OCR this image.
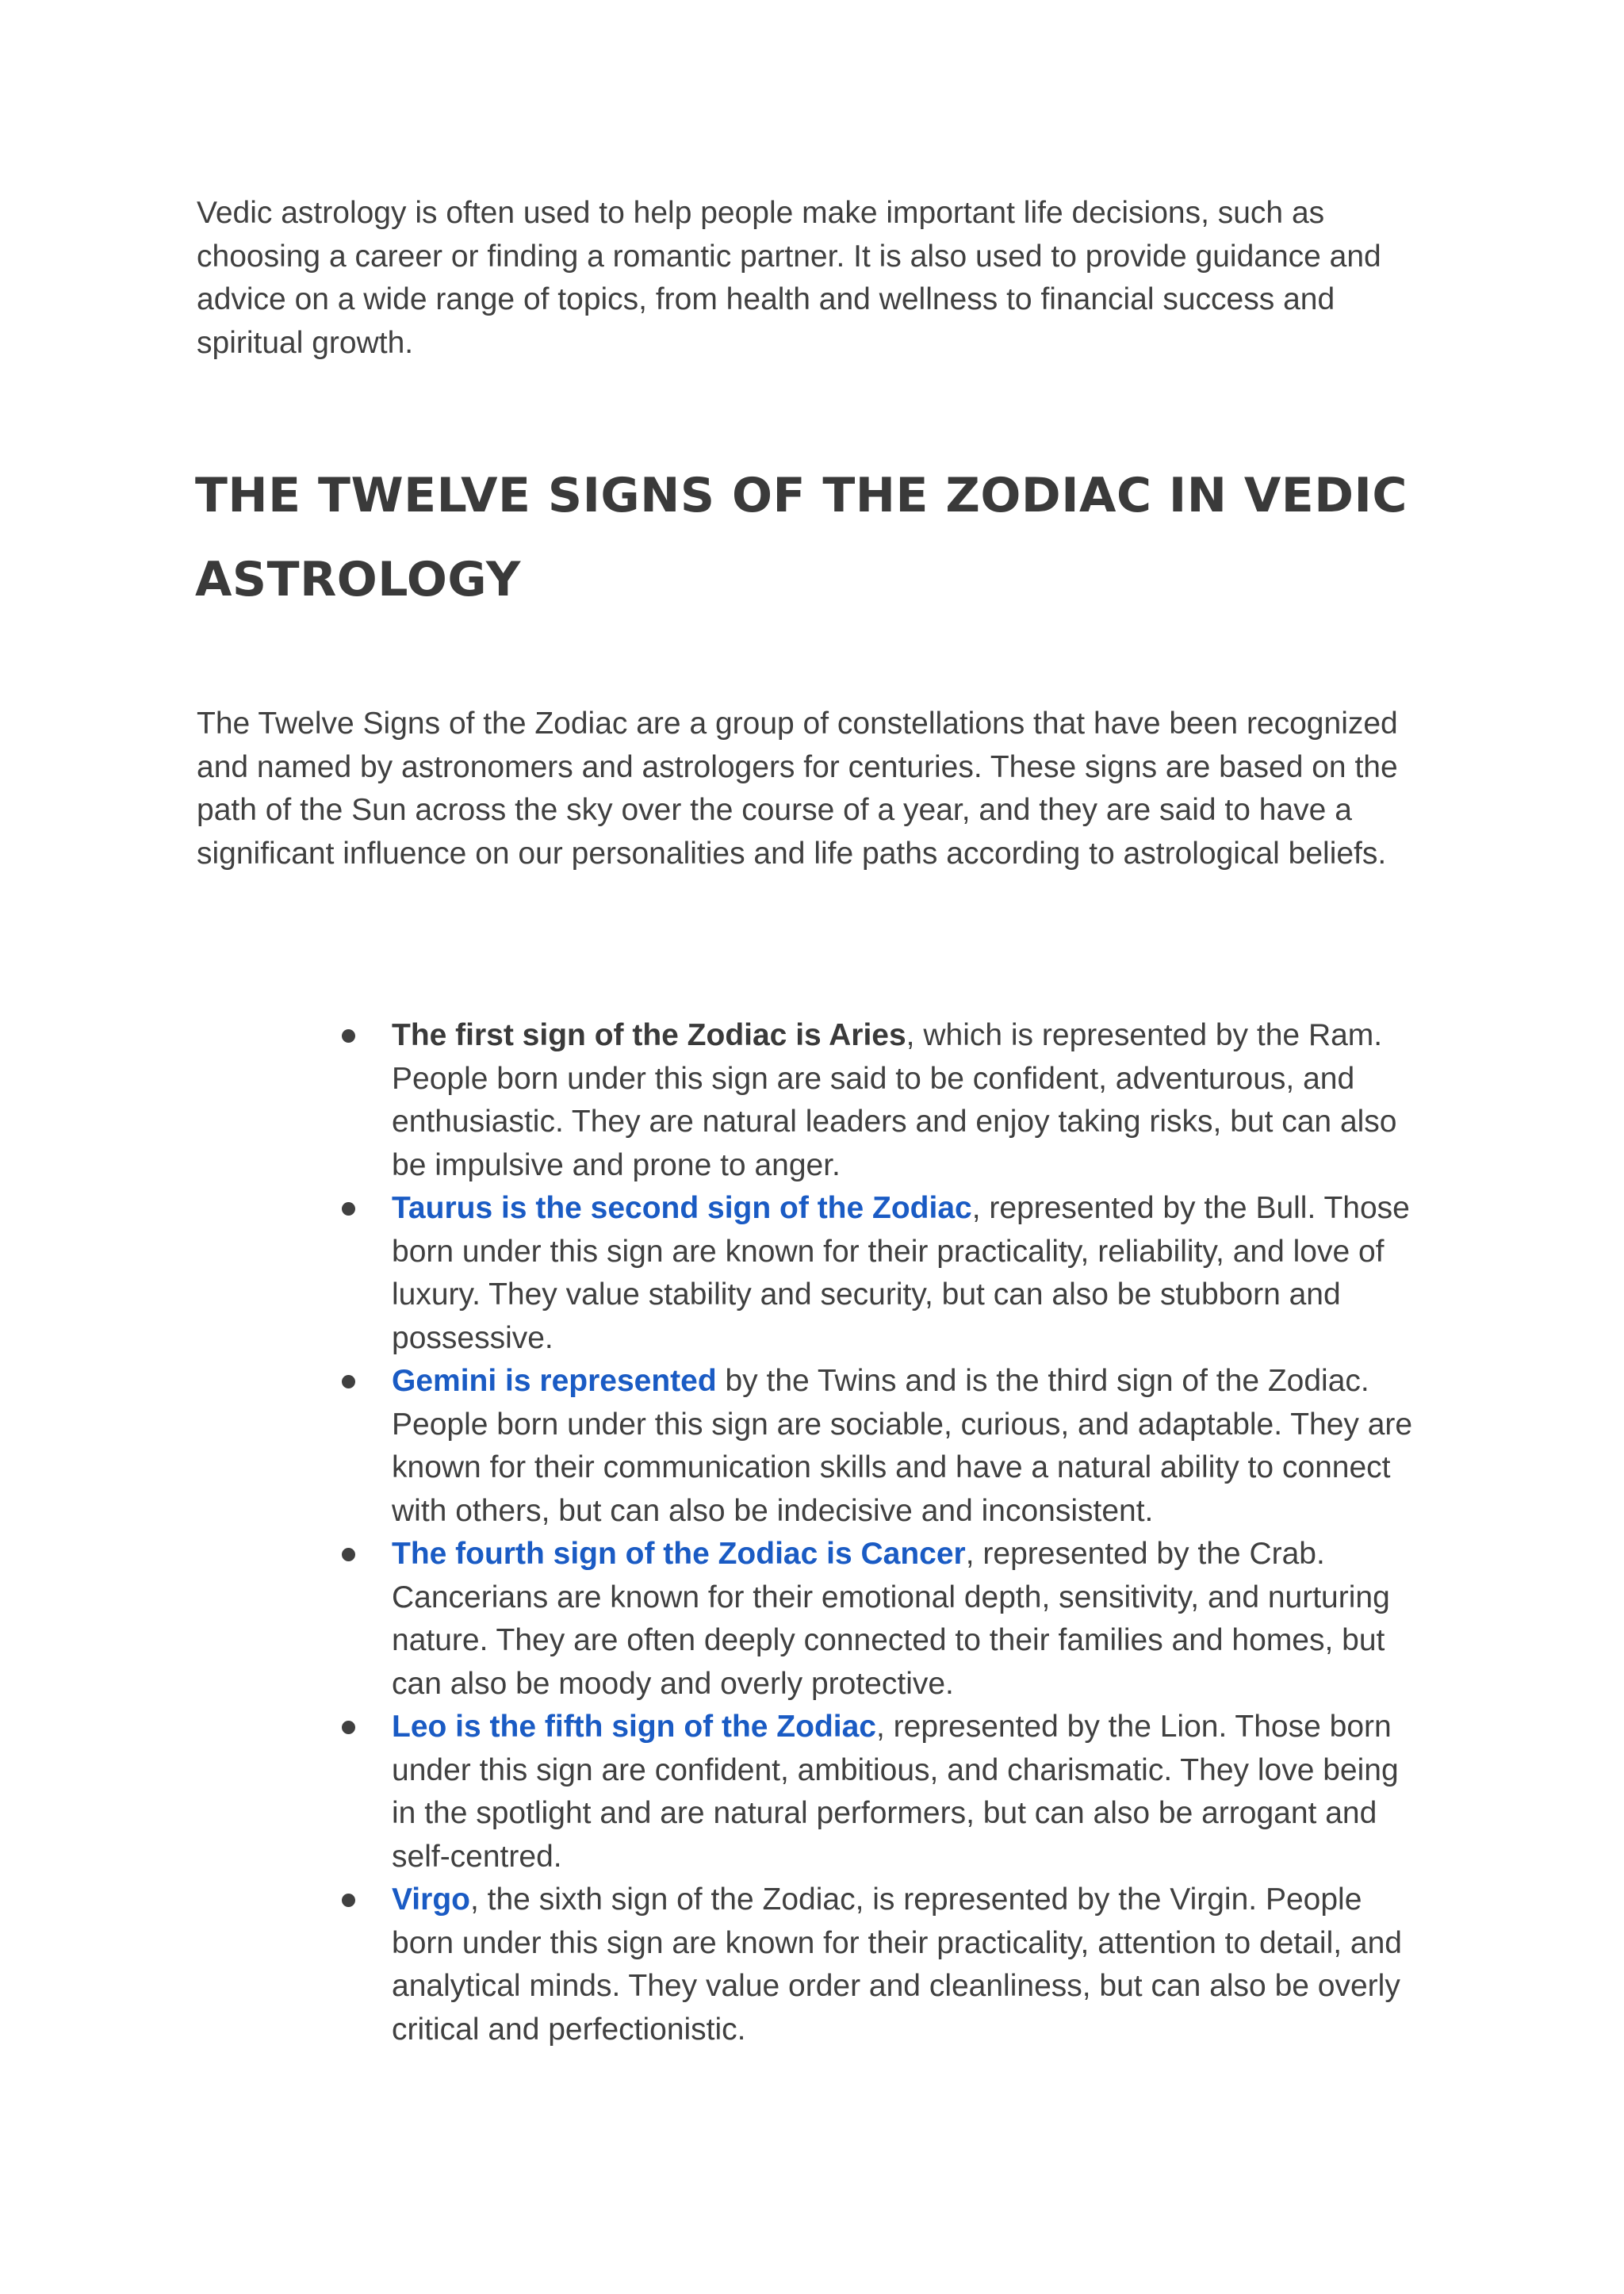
Vedic astrology is often used to help people make important life decisions, such as choosing a career or finding a romantic partner. It is also used to provide guidance and advice on a wide range of topics, from health and wellness to financial success and spiritual growth.

THE TWELVE SIGNS OF THE ZODIAC IN VEDIC ASTROLOGY

The Twelve Signs of the Zodiac are a group of constellations that have been recognized and named by astronomers and astrologers for centuries. These signs are based on the path of the Sun across the sky over the course of a year, and they are said to have a significant influence on our personalities and life paths according to astrological beliefs.

The first sign of the Zodiac is Aries, which is represented by the Ram. People born under this sign are said to be confident, adventurous, and enthusiastic. They are natural leaders and enjoy taking risks, but can also be impulsive and prone to anger.
Taurus is the second sign of the Zodiac, represented by the Bull. Those born under this sign are known for their practicality, reliability, and love of luxury. They value stability and security, but can also be stubborn and possessive.
Gemini is represented by the Twins and is the third sign of the Zodiac. People born under this sign are sociable, curious, and adaptable. They are known for their communication skills and have a natural ability to connect with others, but can also be indecisive and inconsistent.
The fourth sign of the Zodiac is Cancer, represented by the Crab. Cancerians are known for their emotional depth, sensitivity, and nurturing nature. They are often deeply connected to their families and homes, but can also be moody and overly protective.
Leo is the fifth sign of the Zodiac, represented by the Lion. Those born under this sign are confident, ambitious, and charismatic. They love being in the spotlight and are natural performers, but can also be arrogant and self-centred.
Virgo, the sixth sign of the Zodiac, is represented by the Virgin. People born under this sign are known for their practicality, attention to detail, and analytical minds. They value order and cleanliness, but can also be overly critical and perfectionistic.
